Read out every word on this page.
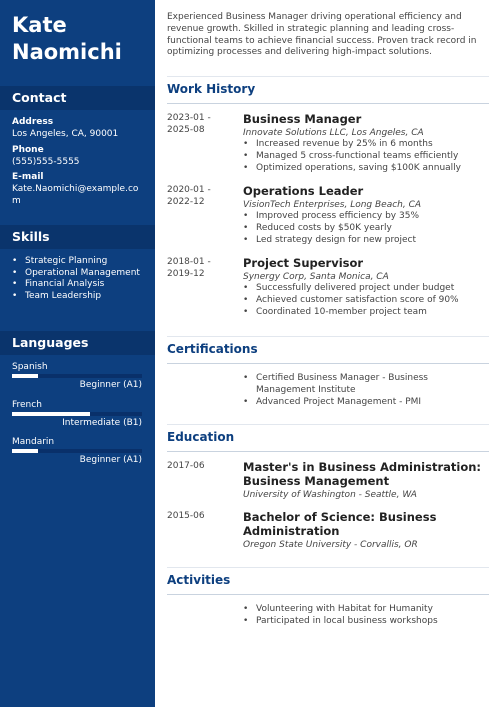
Kate Naomichi
Contact
Address
Los Angeles, CA, 90001
Phone
(555)555-5555
E-mail
Kate.Naomichi@example.com
Skills
• Strategic Planning
• Operational Management
• Financial Analysis
• Team Leadership
Languages
Spanish
Beginner (A1)
French
Intermediate (B1)
Mandarin
Beginner (A1)
Experienced Business Manager driving operational efficiency and revenue growth. Skilled in strategic planning and leading cross-functional teams to achieve financial success. Proven track record in optimizing processes and delivering high-impact solutions.
Work History
2023-01 - 2025-08
Business Manager
Innovate Solutions LLC, Los Angeles, CA
• Increased revenue by 25% in 6 months
• Managed 5 cross-functional teams efficiently
• Optimized operations, saving $100K annually
2020-01 - 2022-12
Operations Leader
VisionTech Enterprises, Long Beach, CA
• Improved process efficiency by 35%
• Reduced costs by $50K yearly
• Led strategy design for new project
2018-01 - 2019-12
Project Supervisor
Synergy Corp, Santa Monica, CA
• Successfully delivered project under budget
• Achieved customer satisfaction score of 90%
• Coordinated 10-member project team
Certifications
• Certified Business Manager - Business Management Institute
• Advanced Project Management - PMI
Education
2017-06	Master's in Business Administration: Business Management
University of Washington - Seattle, WA
2015-06	Bachelor of Science: Business Administration
Oregon State University - Corvallis, OR
Activities
• Volunteering with Habitat for Humanity
• Participated in local business workshops
